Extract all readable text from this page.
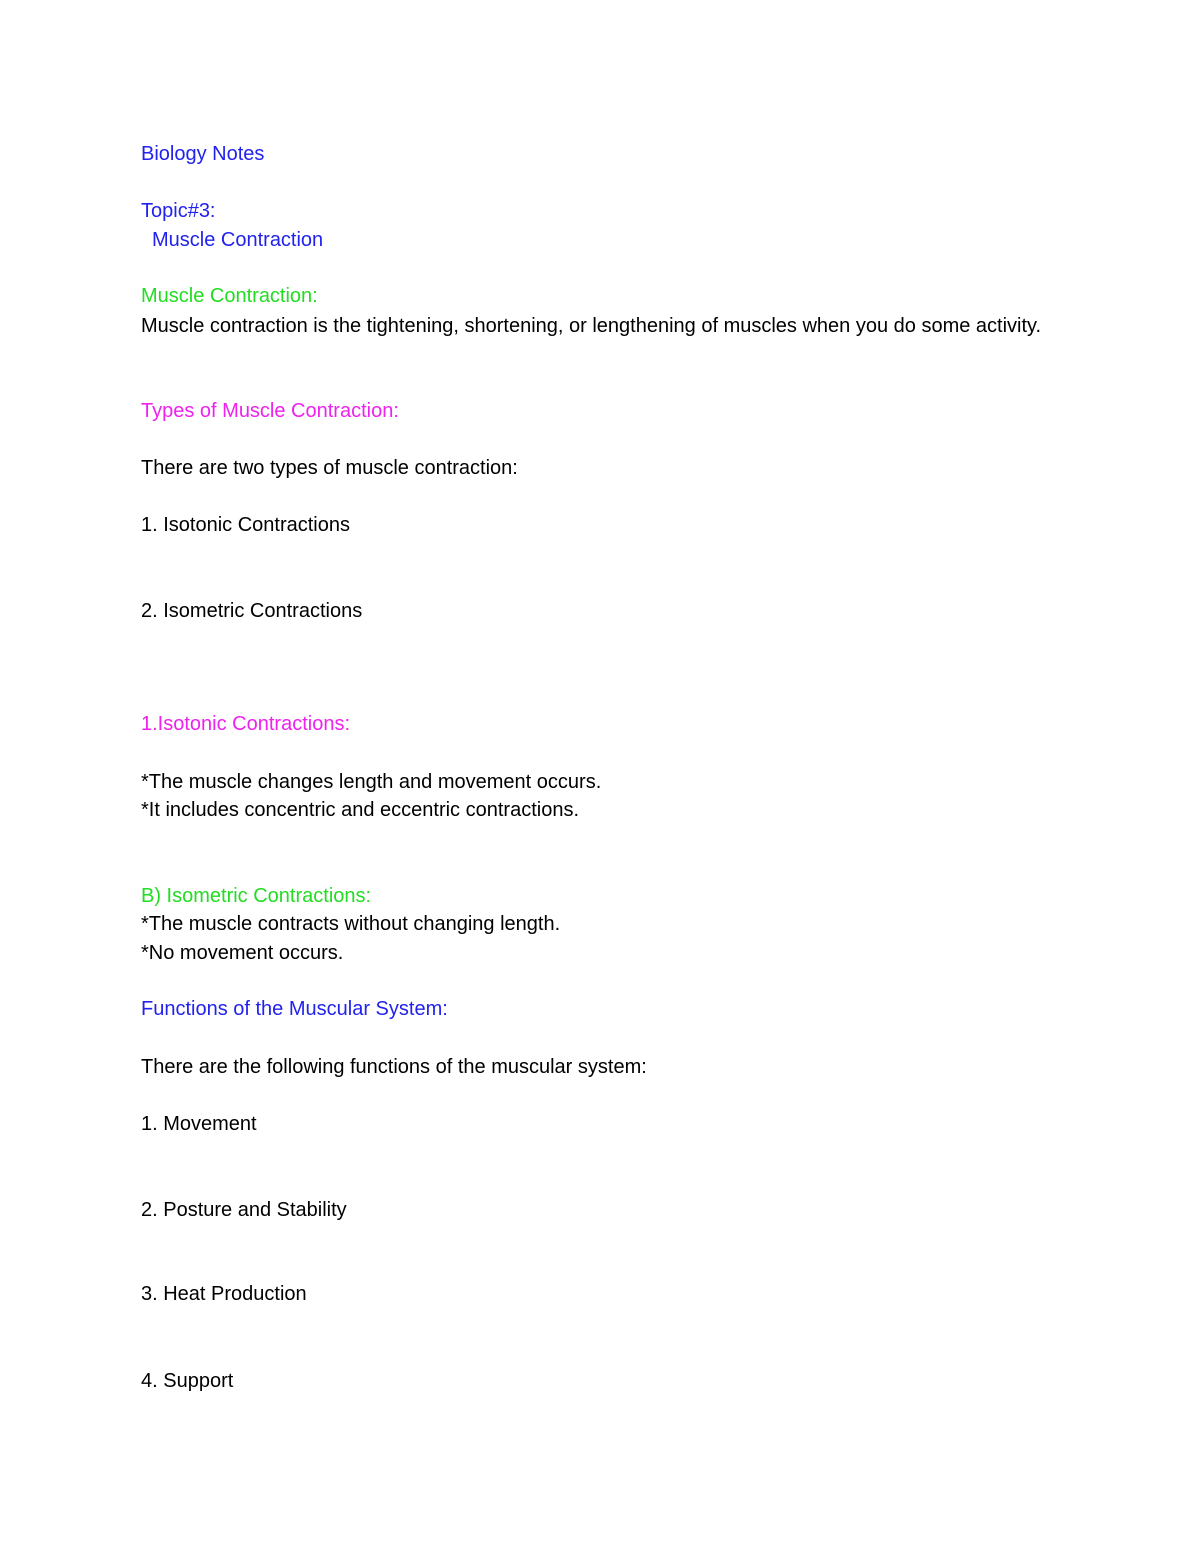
Biology Notes

Topic#3:

Muscle Contraction

Muscle Contraction:

Muscle contraction is the tightening, shortening, or lengthening of muscles when you do some activity.

Types of Muscle Contraction:

There are two types of muscle contraction:

1. Isotonic Contractions

2. Isometric Contractions

1.Isotonic Contractions:

*The muscle changes length and movement occurs.

*It includes concentric and eccentric contractions.

B) Isometric Contractions:

*The muscle contracts without changing length.

*No movement occurs.

Functions of the Muscular System:

There are the following functions of the muscular system:

1. Movement

2. Posture and Stability

3. Heat Production

4. Support
